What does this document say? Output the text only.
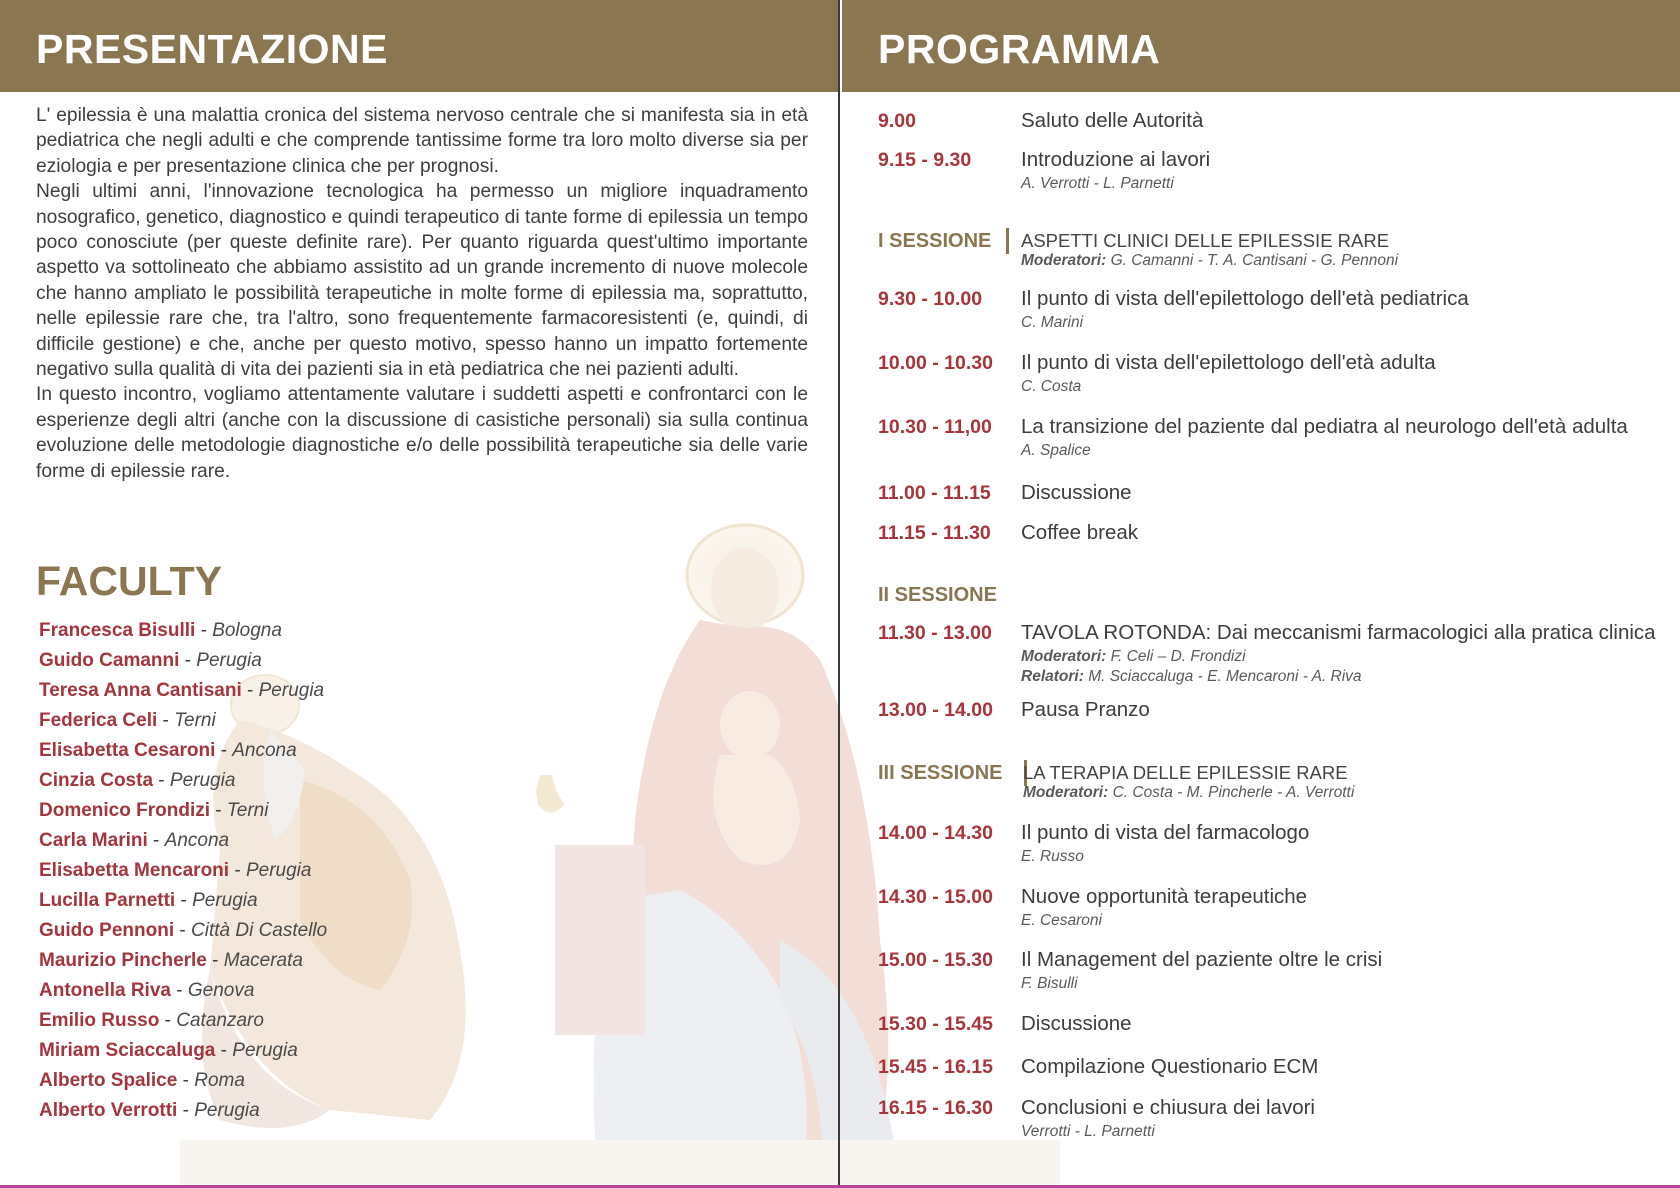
PRESENTAZIONE	PROGRAMMA

L' epilessia è una malattia cronica del sistema nervoso centrale che si manifesta sia in età pediatrica che negli adulti e che comprende tantissime forme tra loro molto diverse sia per eziologia e per presentazione clinica che per prognosi.
Negli ultimi anni, l'innovazione tecnologica ha permesso un migliore inquadramento nosografico, genetico, diagnostico e quindi terapeutico di tante forme di epilessia un tempo poco conosciute (per queste definite rare). Per quanto riguarda quest'ultimo importante aspetto va sottolineato che abbiamo assistito ad un grande incremento di nuove molecole che hanno ampliato le possibilità terapeutiche in molte forme di epilessia ma, soprattutto, nelle epilessie rare che, tra l'altro, sono frequentemente farmacoresistenti (e, quindi, di difficile gestione) e che, anche per questo motivo, spesso hanno un impatto fortemente negativo sulla qualità di vita dei pazienti sia in età pediatrica che nei pazienti adulti.
In questo incontro, vogliamo attentamente valutare i suddetti aspetti e confrontarci con le esperienze degli altri (anche con la discussione di casistiche personali) sia sulla continua evoluzione delle metodologie diagnostiche e/o delle possibilità terapeutiche sia delle varie forme di epilessie rare.

FACULTY
Francesca Bisulli - Bologna
Guido Camanni - Perugia
Teresa Anna Cantisani - Perugia
Federica Celi - Terni
Elisabetta Cesaroni - Ancona
Cinzia Costa - Perugia
Domenico Frondizi - Terni
Carla Marini - Ancona
Elisabetta Mencaroni - Perugia
Lucilla Parnetti - Perugia
Guido Pennoni - Città Di Castello
Maurizio Pincherle - Macerata
Antonella Riva - Genova
Emilio Russo - Catanzaro
Miriam Sciaccaluga - Perugia
Alberto Spalice - Roma
Alberto Verrotti - Perugia
9.00	Saluto delle Autorità
9.15 - 9.30 Introduzione ai lavori
A. Verrotti - L. Parnetti
9.30 - 10.00 Il punto di vista dell'epilettologo dell'età pediatrica
C. Marini
10.00 - 10.30 Il punto di vista dell'epilettologo dell'età adulta
C. Costa
10.30 - 11,00 La transizione del paziente dal pediatra al neurologo dell'età adulta
A. Spalice
11.00 - 11.15 Discussione
11.15 - 11.30 Coffee break
11.30 - 13.00 TAVOLA ROTONDA: Dai meccanismi farmacologici alla pratica clinica
Moderatori: F. Celi – D. Frondizi
Relatori: M. Sciaccaluga - E. Mencaroni - A. Riva
13.00 - 14.00 Pausa Pranzo
14.00 - 14.30 Il punto di vista del farmacologo
E. Russo
14.30 - 15.00 Nuove opportunità terapeutiche
E. Cesaroni
15.00 - 15.30 Il Management del paziente oltre le crisi
F. Bisulli
15.30 - 15.45 Discussione
15.45 - 16.15 Compilazione Questionario ECM
16.15 - 16.30 Conclusioni e chiusura dei lavori
Verrotti - L. Parnetti
I SESSIONE ASPETTI CLINICI DELLE EPILESSIE RARE
Moderatori: G. Camanni - T. A. Cantisani - G. Pennoni
II SESSIONE
III SESSIONE LA TERAPIA DELLE EPILESSIE RARE
Moderatori: C. Costa - M. Pincherle - A. Verrotti
